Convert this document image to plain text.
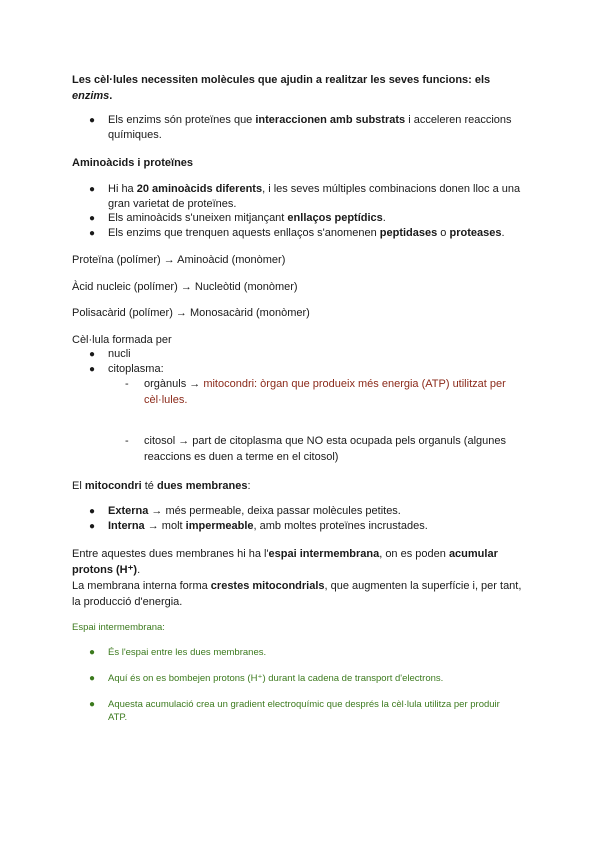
Les cèl·lules necessiten molècules que ajudin a realitzar les seves funcions: els
enzims.
● Els enzims són proteïnes que interaccionen amb substrats i acceleren reaccions
químiques.
Aminoàcids i proteïnes
● Hi ha 20 aminoàcids diferents, i les seves múltiples combinacions donen lloc a una
gran varietat de proteïnes.
● Els aminoàcids s'uneixen mitjançant enllaços peptídics.
● Els enzims que trenquen aquests enllaços s'anomenen peptidases o proteases.
Proteïna (polímer) → Aminoàcid (monòmer)
Àcid nucleic (polímer) → Nucleòtid (monòmer)
Polisacàrid (polímer) → Monosacàrid (monòmer)
Cèl·lula formada per
● nucli
● citoplasma:
- orgànuls → mitocondri: òrgan que produeix més energia (ATP) utilitzat per
cèl·lules.
- citosol → part de citoplasma que NO esta ocupada pels organuls (algunes
reaccions es duen a terme en el citosol)
El mitocondri té dues membranes:
● Externa → més permeable, deixa passar molècules petites.
● Interna → molt impermeable, amb moltes proteïnes incrustades.
Entre aquestes dues membranes hi ha l'espai intermembrana, on es poden acumular
protons (H⁺).
La membrana interna forma crestes mitocondrials, que augmenten la superfície i, per tant,
la producció d'energia.
Espai intermembrana:
● És l'espai entre les dues membranes.
● Aquí és on es bombejen protons (H⁺) durant la cadena de transport d'electrons.
● Aquesta acumulació crea un gradient electroquímic que després la cèl·lula utilitza per produir
ATP.
